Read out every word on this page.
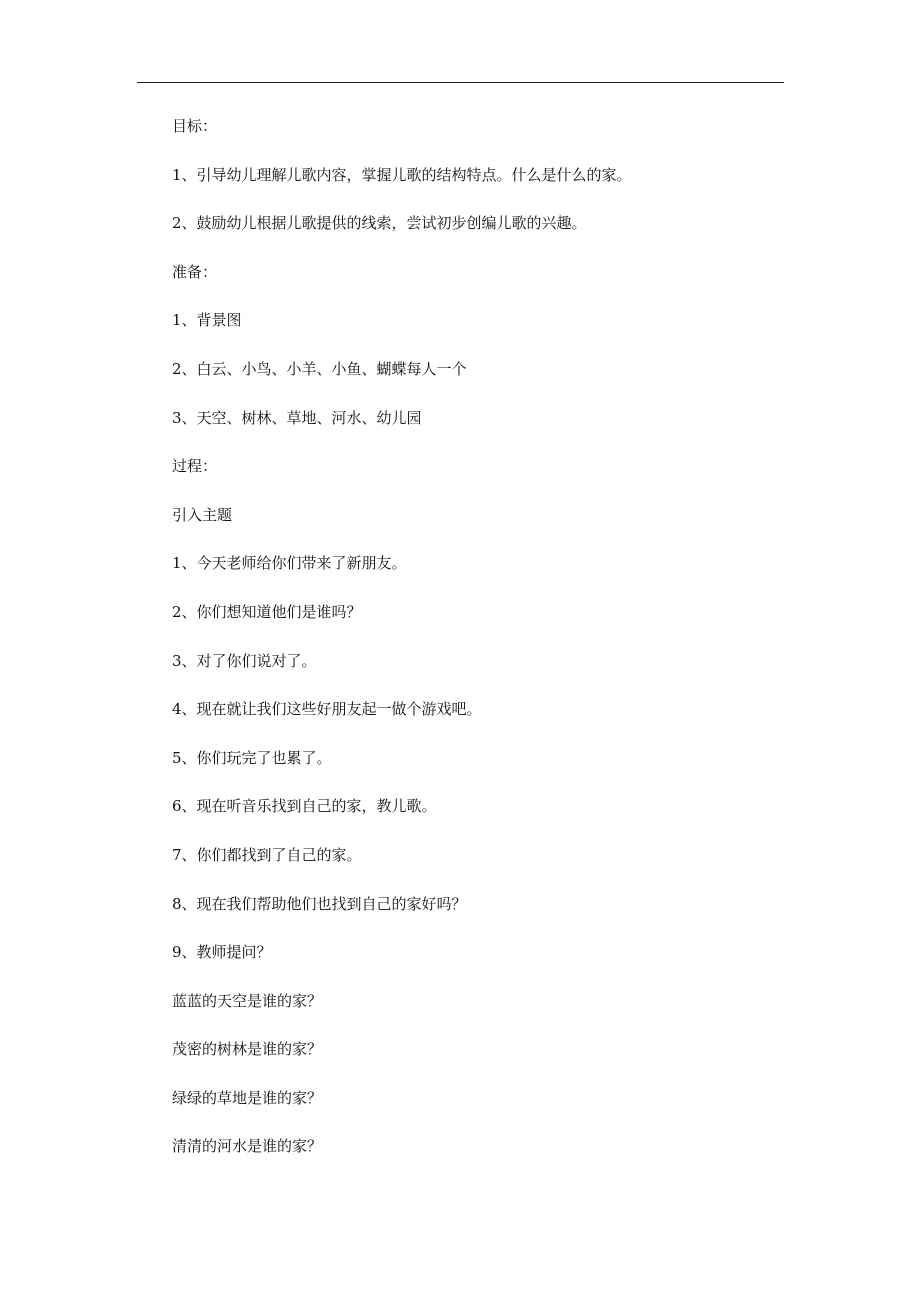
目标：
1、引导幼儿理解儿歌内容，掌握儿歌的结构特点。什么是什么的家。
2、鼓励幼儿根据儿歌提供的线索，尝试初步创编儿歌的兴趣。
准备：
1、背景图
2、白云、小鸟、小羊、小鱼、蝴蝶每人一个
3、天空、树林、草地、河水、幼儿园
过程：
引入主题
1、今天老师给你们带来了新朋友。
2、你们想知道他们是谁吗？
3、对了你们说对了。
4、现在就让我们这些好朋友起一做个游戏吧。
5、你们玩完了也累了。
6、现在听音乐找到自己的家，教儿歌。
7、你们都找到了自己的家。
8、现在我们帮助他们也找到自己的家好吗？
9、教师提问？
蓝蓝的天空是谁的家？
茂密的树林是谁的家？
绿绿的草地是谁的家？
清清的河水是谁的家？
